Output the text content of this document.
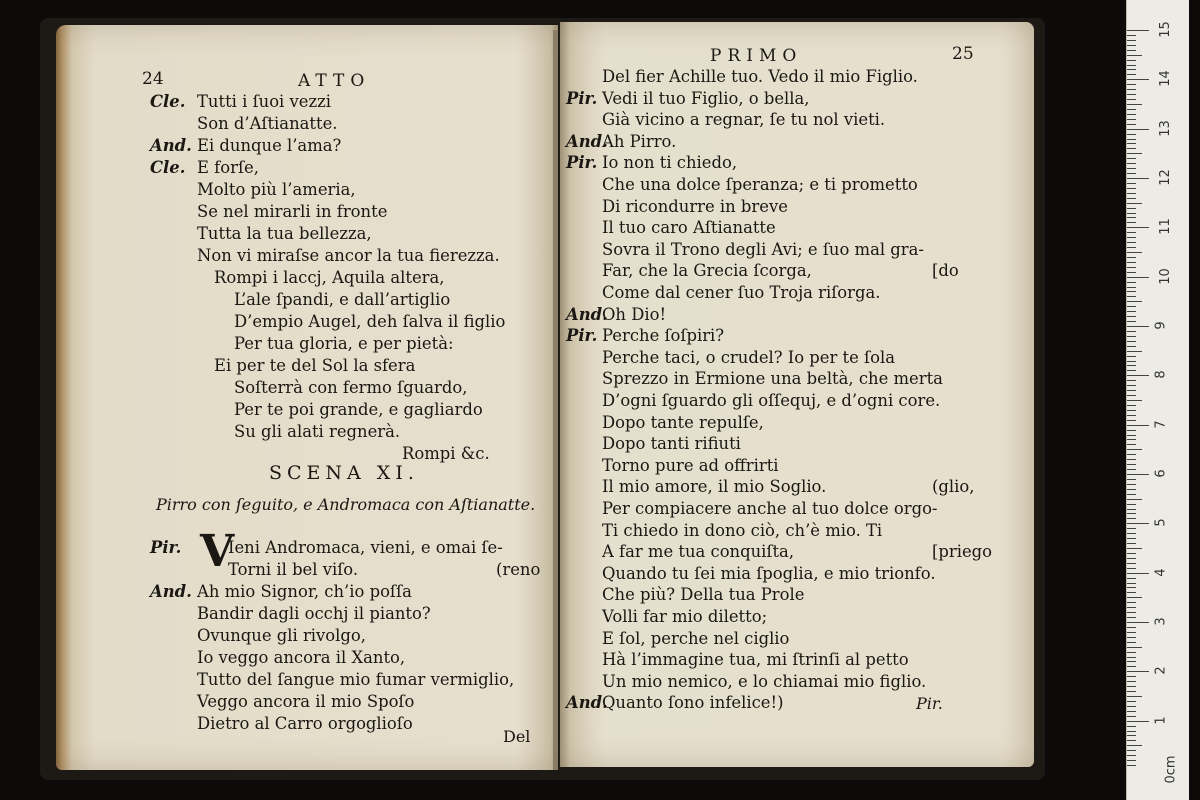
24	ATTO
Cle. Tutti i ſuoi vezzi
Son d’Aſtianatte.
And. Ei dunque l’ama?
Cle. E forſe,
Molto più l’ameria,
Se nel mirarli in fronte
Tutta la tua bellezza,
Non vi miraſse ancor la tua fierezza.
Rompi i laccj, Aquila altera,
L’ale ſpandi, e dall’artiglio
D’empio Augel, deh ſalva il figlio
Per tua gloria, e per pietà:
Ei per te del Sol la sfera
Soſterrà con fermo ſguardo,
Per te poi grande, e gagliardo
Su gli alati regnerà.
Rompi &c.
SCENA XI.
Pirro con ſeguito, e Andromaca con Aſtianatte.
V
Pir.	Ieni Andromaca, vieni, e omai ſe-
Torni il bel viſo.	(reno
And. Ah mio Signor, ch’io poſſa
Bandir dagli occhj il pianto?
Ovunque gli rivolgo,
Io veggo ancora il Xanto,
Tutto del ſangue mio fumar vermiglio,
Veggo ancora il mio Spoſo
Dietro al Carro orgoglioſo
Del
PRIMO	25
Del fier Achille tuo. Vedo il mio Figlio.
Pir. Vedi il tuo Figlio, o bella,
Già vicino a regnar, ſe tu nol vieti.
And.
Ah Pirro.
Pir. Io non ti chiedo,
Che una dolce ſperanza; e ti prometto
Di ricondurre in breve
Il tuo caro Aſtianatte
Sovra il Trono degli Avi; e ſuo mal gra-
Far, che la Grecia ſcorga,	[do
Come dal cener ſuo Troja riſorga.
And.
Oh Dio!
Pir. Perche ſoſpiri?
Perche taci, o crudel? Io per te ſola
Sprezzo in Ermione una beltà, che merta
D’ogni ſguardo gli oſſequj, e d’ogni core.
Dopo tante repulſe,
Dopo tanti rifiuti
Torno pure ad offrirti
Il mio amore, il mio Soglio.	(glio,
Per compiacere anche al tuo dolce orgo-
Ti chiedo in dono ciò, ch’è mio. Ti
A far me tua conquiſta,	[priego
Quando tu ſei mia ſpoglia, e mio trionfo.
Che più? Della tua Prole
Volli far mio diletto;
E ſol, perche nel ciglio
Hà l’immagine tua, mi ſtrinſi al petto
Un mio nemico, e lo chiamai mio figlio.
And.
Quanto ſono infelice!)	Pir.
15
14
13
12
11
10
9
8
7
6
5
4
3
2
1
0cm
